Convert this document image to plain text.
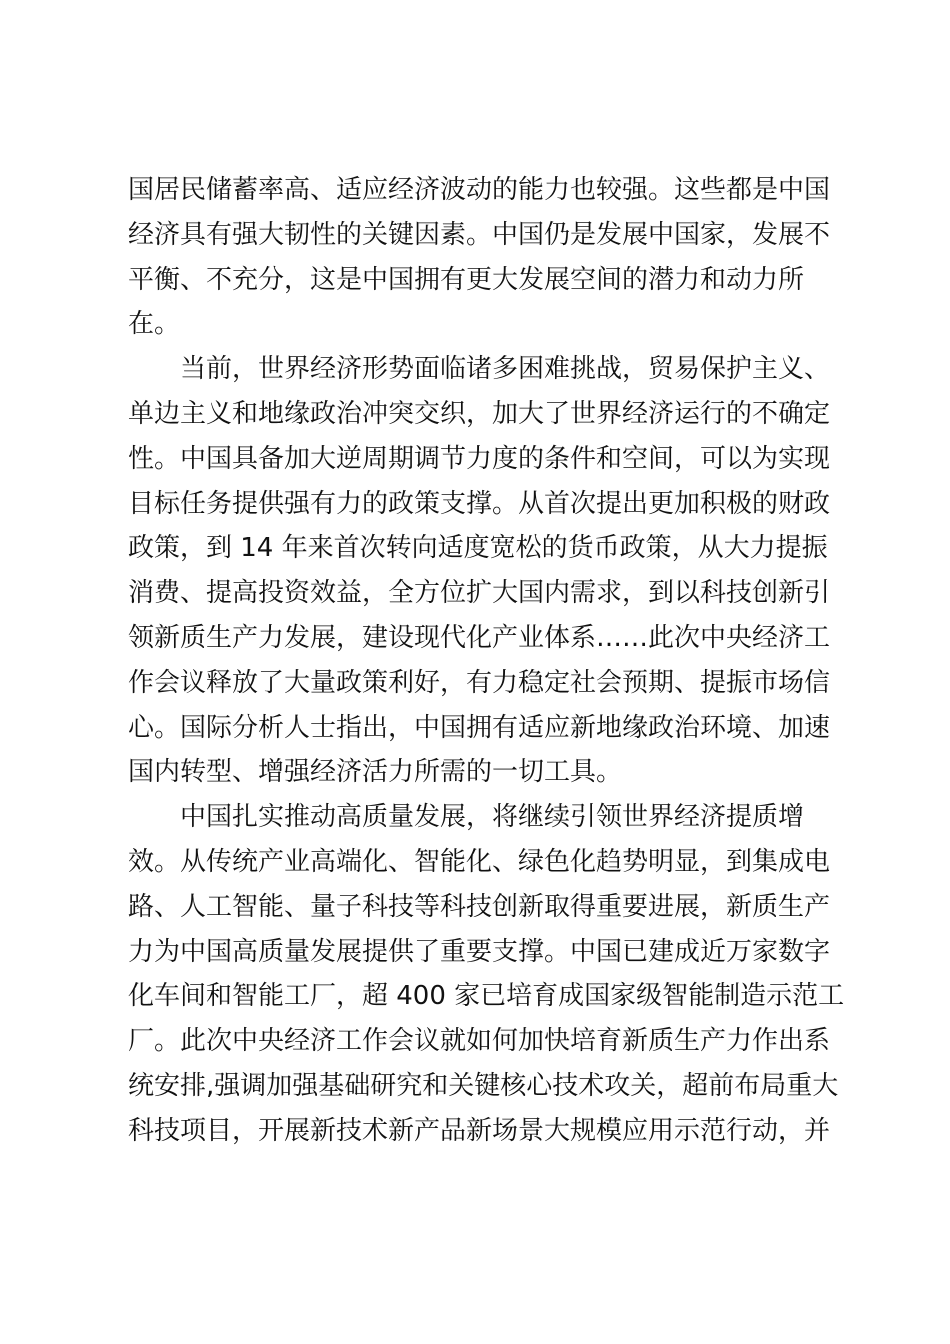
国居民储蓄率高、适应经济波动的能力也较强。这些都是中国
经济具有强大韧性的关键因素。中国仍是发展中国家，发展不
平衡、不充分，这是中国拥有更大发展空间的潜力和动力所
在。
当前，世界经济形势面临诸多困难挑战，贸易保护主义、
单边主义和地缘政治冲突交织，加大了世界经济运行的不确定
性。中国具备加大逆周期调节力度的条件和空间，可以为实现
目标任务提供强有力的政策支撑。从首次提出更加积极的财政
政策，到 14 年来首次转向适度宽松的货币政策，从大力提振
消费、提高投资效益，全方位扩大国内需求，到以科技创新引
领新质生产力发展，建设现代化产业体系……此次中央经济工
作会议释放了大量政策利好，有力稳定社会预期、提振市场信
心。国际分析人士指出，中国拥有适应新地缘政治环境、加速
国内转型、增强经济活力所需的一切工具。
中国扎实推动高质量发展，将继续引领世界经济提质增
效。从传统产业高端化、智能化、绿色化趋势明显，到集成电
路、人工智能、量子科技等科技创新取得重要进展，新质生产
力为中国高质量发展提供了重要支撑。中国已建成近万家数字
化车间和智能工厂，超 400 家已培育成国家级智能制造示范工
厂。此次中央经济工作会议就如何加快培育新质生产力作出系
统安排,强调加强基础研究和关键核心技术攻关，超前布局重大
科技项目，开展新技术新产品新场景大规模应用示范行动，并
